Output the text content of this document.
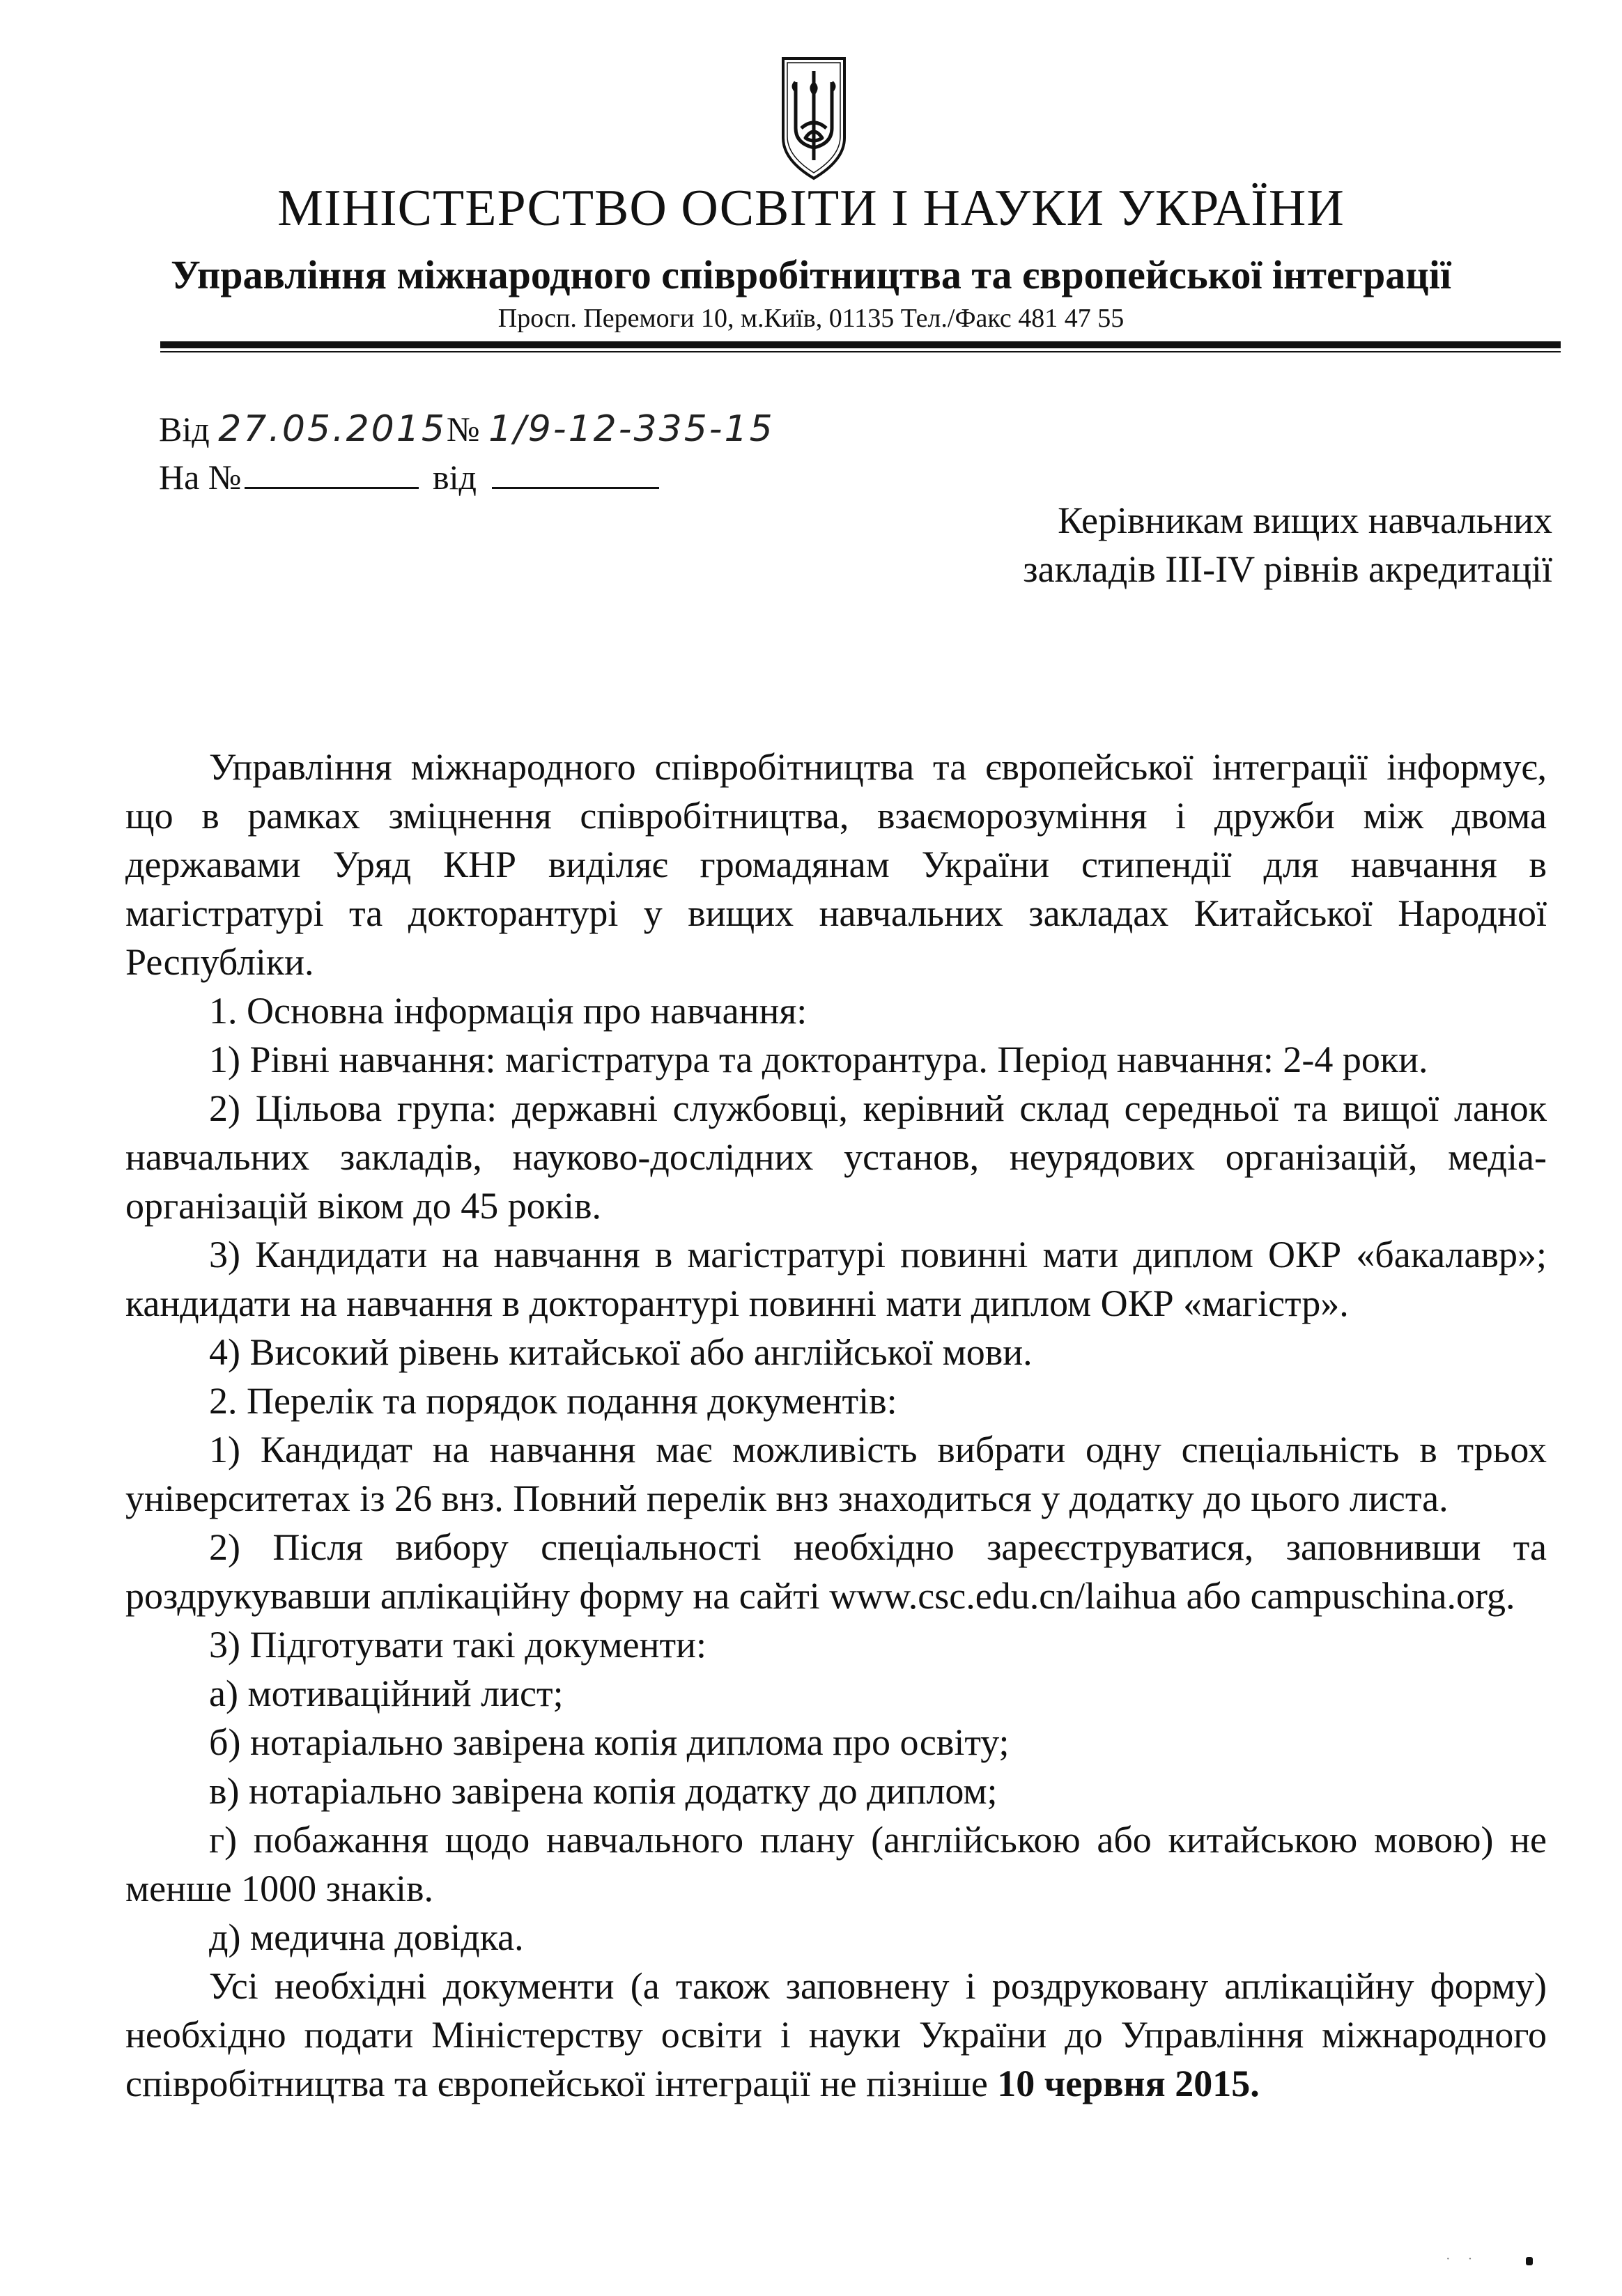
МІНІСТЕРСТВО ОСВІТИ І НАУКИ УКРАЇНИ
Управління міжнародного співробітництва та європейської інтеграції
Просп. Перемоги 10, м.Київ, 01135 Тел./Факс 481 47 55
Від 27.05.2015№ 1/9-12-335-15
На №	від
Керівникам вищих навчальних
закладів III-IV рівнів акредитації

Управління міжнародного співробітництва та європейської інтеграції інформує, що в рамках зміцнення співробітництва, взаєморозуміння і дружби між двома державами Уряд КНР виділяє громадянам України стипендії для навчання в магістратурі та докторантурі у вищих навчальних закладах Китайської Народної Республіки.

1. Основна інформація про навчання:

1) Рівні навчання: магістратура та докторантура. Період навчання: 2-4 роки.

2) Цільова група: державні службовці, керівний склад середньої та вищої ланок навчальних закладів, науково-дослідних установ, неурядових організацій, медіа-організацій віком до 45 років.

3) Кандидати на навчання в магістратурі повинні мати диплом ОКР «бакалавр»; кандидати на навчання в докторантурі повинні мати диплом ОКР «магістр».

4) Високий рівень китайської або англійської мови.

2. Перелік та порядок подання документів:

1) Кандидат на навчання має можливість вибрати одну спеціальність в трьох університетах із 26 внз. Повний перелік внз знаходиться у додатку до цього листа.

2) Після вибору спеціальності необхідно зареєструватися, заповнивши та роздрукувавши аплікаційну форму на сайті www.csc.edu.cn/laihua або campuschina.org.

3) Підготувати такі документи:

а) мотиваційний лист;

б) нотаріально завірена копія диплома про освіту;

в) нотаріально завірена копія додатку до диплом;

г) побажання щодо навчального плану (англійською або китайською мовою) не менше 1000 знаків.

д) медична довідка.

Усі необхідні документи (а також заповнену і роздруковану аплікаційну форму) необхідно подати Міністерству освіти і науки України до Управління міжнародного співробітництва та європейської інтеграції не пізніше 10 червня 2015.

· ·
